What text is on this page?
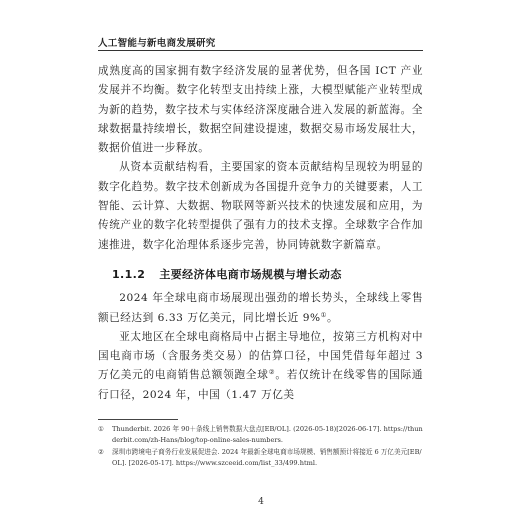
人工智能与新电商发展研究

成熟度高的国家拥有数字经济发展的显著优势，但各国 ICT 产业发展并不均衡。数字化转型支出持续上涨，大模型赋能产业转型成为新的趋势，数字技术与实体经济深度融合进入发展的新蓝海。全球数据量持续增长，数据空间建设提速，数据交易市场发展壮大，数据价值进一步释放。

从资本贡献结构看，主要国家的资本贡献结构呈现较为明显的数字化趋势。数字技术创新成为各国提升竞争力的关键要素，人工智能、云计算、大数据、物联网等新兴技术的快速发展和应用，为传统产业的数字化转型提供了强有力的技术支撑。全球数字合作加速推进，数字化治理体系逐步完善，协同铸就数字新篇章。

1.1.2 主要经济体电商市场规模与增长动态

2024 年全球电商市场展现出强劲的增长势头，全球线上零售额已经达到 6.33 万亿美元，同比增长近 9%①。

亚太地区在全球电商格局中占据主导地位，按第三方机构对中国电商市场（含服务类交易）的估算口径，中国凭借每年超过 3 万亿美元的电商销售总额领跑全球②。若仅统计在线零售的国际通行口径，2024 年，中国（1.47 万亿美

①	Thunderbit. 2026 年 90＋条线上销售数据大盘点[EB/OL]. (2026-05-18)[2026-06-17]. https://thunderbit.com/zh-Hans/blog/top-online-sales-numbers.
②	深圳市跨境电子商务行业发展促进会. 2024 年最新全球电商市场规模、销售额预计将接近 6 万亿美元[EB/OL]. [2026-05-17]. https://www.szceeid.com/list_33/499.html.
4
